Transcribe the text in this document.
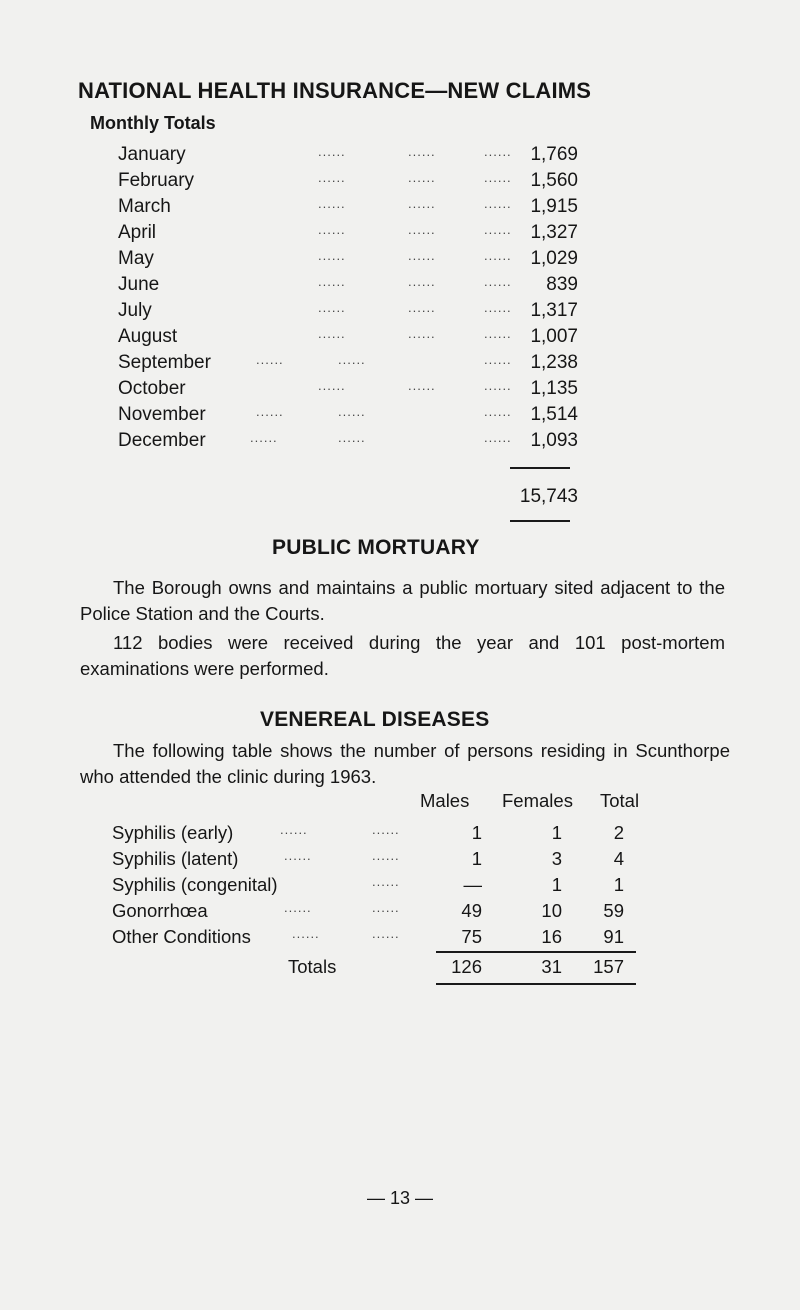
NATIONAL HEALTH INSURANCE—NEW CLAIMS
Monthly Totals
January	......	......	...... 1,769
February	......	......	...... 1,560
March	......	......	...... 1,915
April	......	......	...... 1,327
May	......	......	...... 1,029
June	......	......	......	839
July	......	......	...... 1,317
August	......	......	...... 1,007
September	......	......	...... 1,238
October	......	......	...... 1,135
November	......	......	...... 1,514
December	......	......	...... 1,093
15,743
PUBLIC MORTUARY
The Borough owns and maintains a public mortuary sited adjacent to the Police Station and the Courts.
112 bodies were received during the year and 101 post-mortem examinations were performed.
VENEREAL DISEASES
The following table shows the number of persons residing in Scunthorpe who attended the clinic during 1963.
Males Females Total
Syphilis (early)	......	......	1	1	2
Syphilis (latent)	......	......	1	3	4
Syphilis (congenital)	......	—	1	1
Gonorrhœa	......	......	49	10	59
Other Conditions	......	......	75	16	91
Totals	126	31	157
— 13 —
